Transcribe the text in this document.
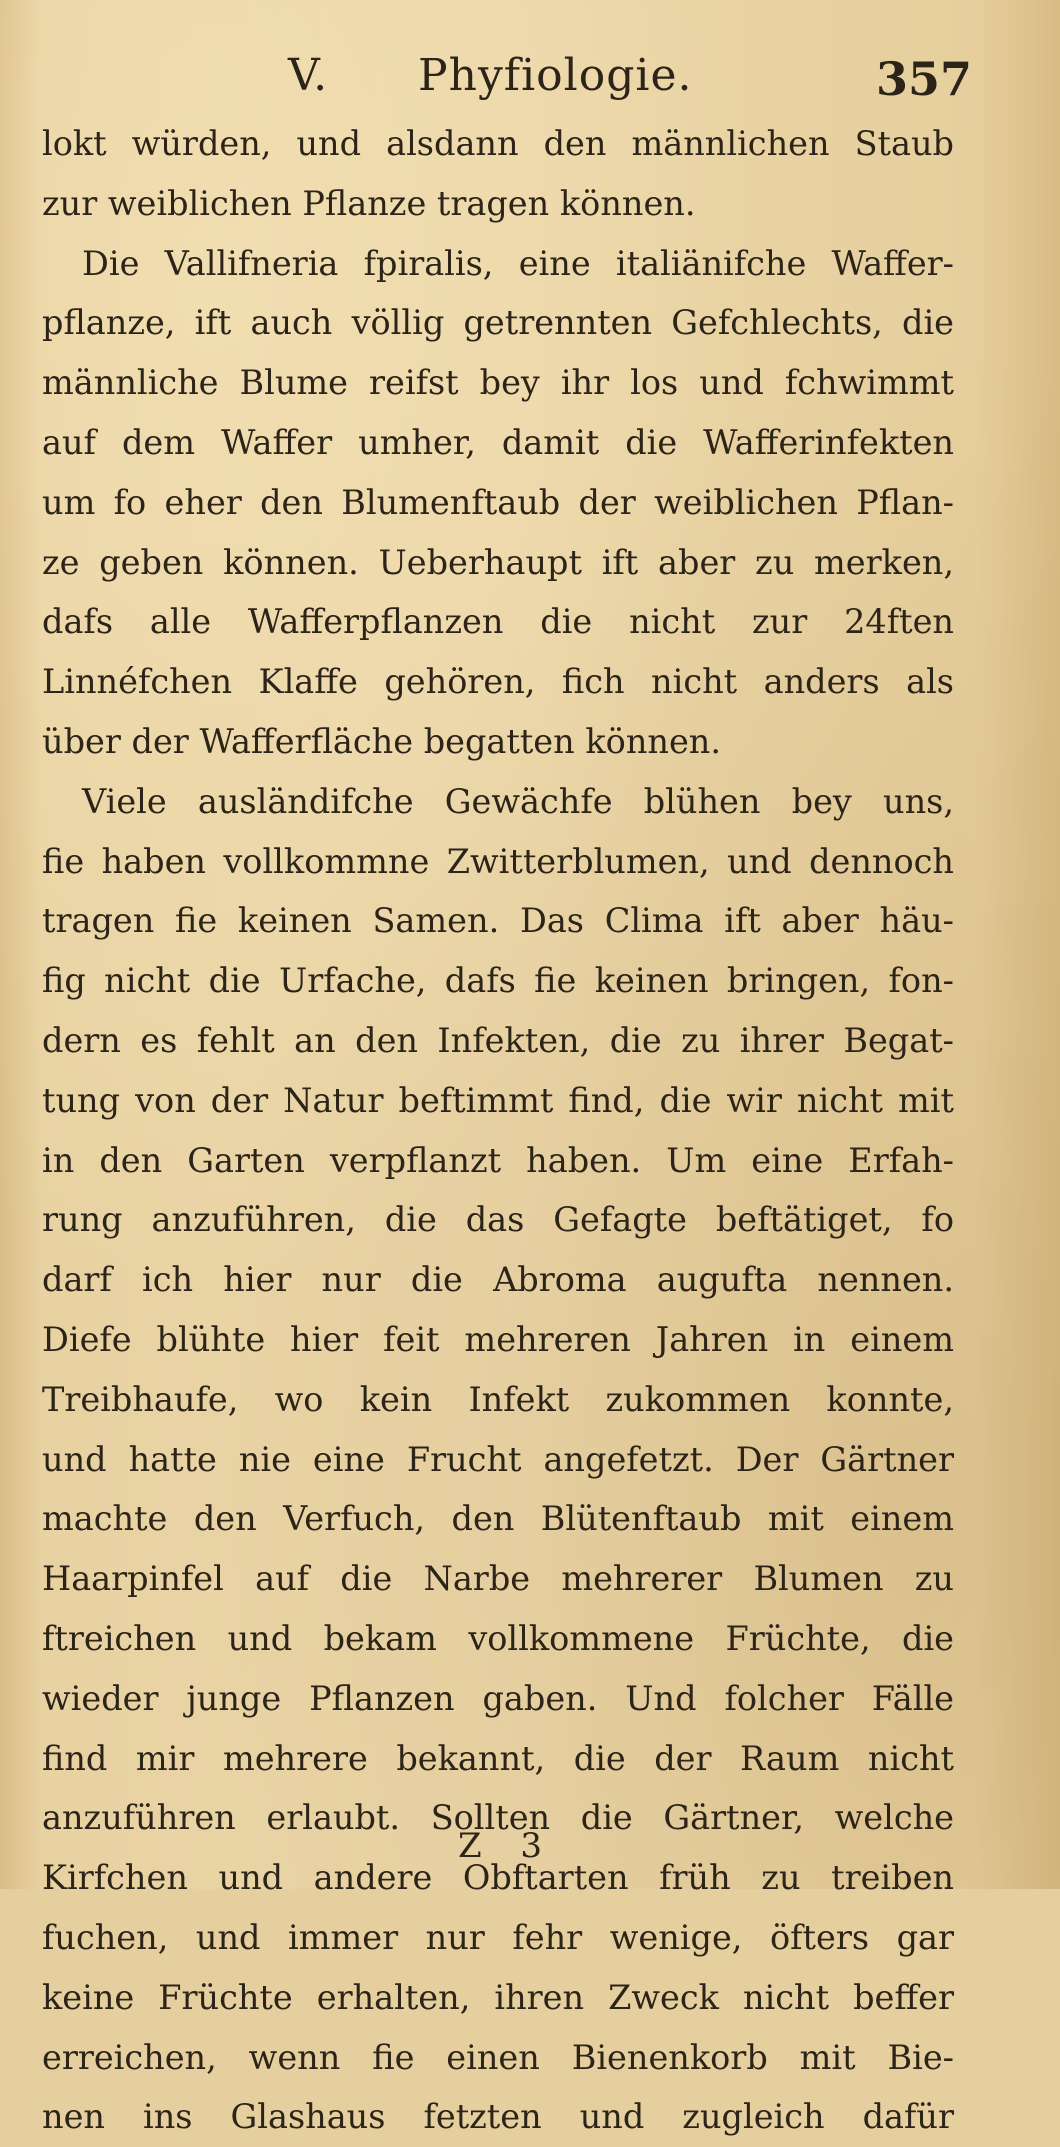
V. Phyfiologie.	357
lokt würden, und alsdann den männlichen Staub
zur weiblichen Pflanze tragen können.
Die Vallifneria fpiralis, eine italiänifche Waffer-
pflanze, ift auch völlig getrennten Gefchlechts, die
männliche Blume reifst bey ihr los und fchwimmt
auf dem Waffer umher, damit die Wafferinfekten
um fo eher den Blumenftaub der weiblichen Pflan-
ze geben können. Ueberhaupt ift aber zu merken,
dafs alle Wafferpflanzen die nicht zur 24ften
Linnéfchen Klaffe gehören, fich nicht anders als
über der Wafferfläche begatten können.
Viele ausländifche Gewächfe blühen bey uns,
fie haben vollkommne Zwitterblumen, und dennoch
tragen fie keinen Samen. Das Clima ift aber häu-
fig nicht die Urfache, dafs fie keinen bringen, fon-
dern es fehlt an den Infekten, die zu ihrer Begat-
tung von der Natur beftimmt find, die wir nicht mit
in den Garten verpflanzt haben. Um eine Erfah-
rung anzuführen, die das Gefagte beftätiget, fo
darf ich hier nur die Abroma augufta nennen.
Diefe blühte hier feit mehreren Jahren in einem
Treibhaufe, wo kein Infekt zukommen konnte,
und hatte nie eine Frucht angefetzt. Der Gärtner
machte den Verfuch, den Blütenftaub mit einem
Haarpinfel auf die Narbe mehrerer Blumen zu
ftreichen und bekam vollkommene Früchte, die
wieder junge Pflanzen gaben. Und folcher Fälle
find mir mehrere bekannt, die der Raum nicht
anzuführen erlaubt. Sollten die Gärtner, welche
Kirfchen und andere Obftarten früh zu treiben
fuchen, und immer nur fehr wenige, öfters gar
keine Früchte erhalten, ihren Zweck nicht beffer
erreichen, wenn fie einen Bienenkorb mit Bie-
nen ins Glashaus fetzten und zugleich dafür
Z 3
